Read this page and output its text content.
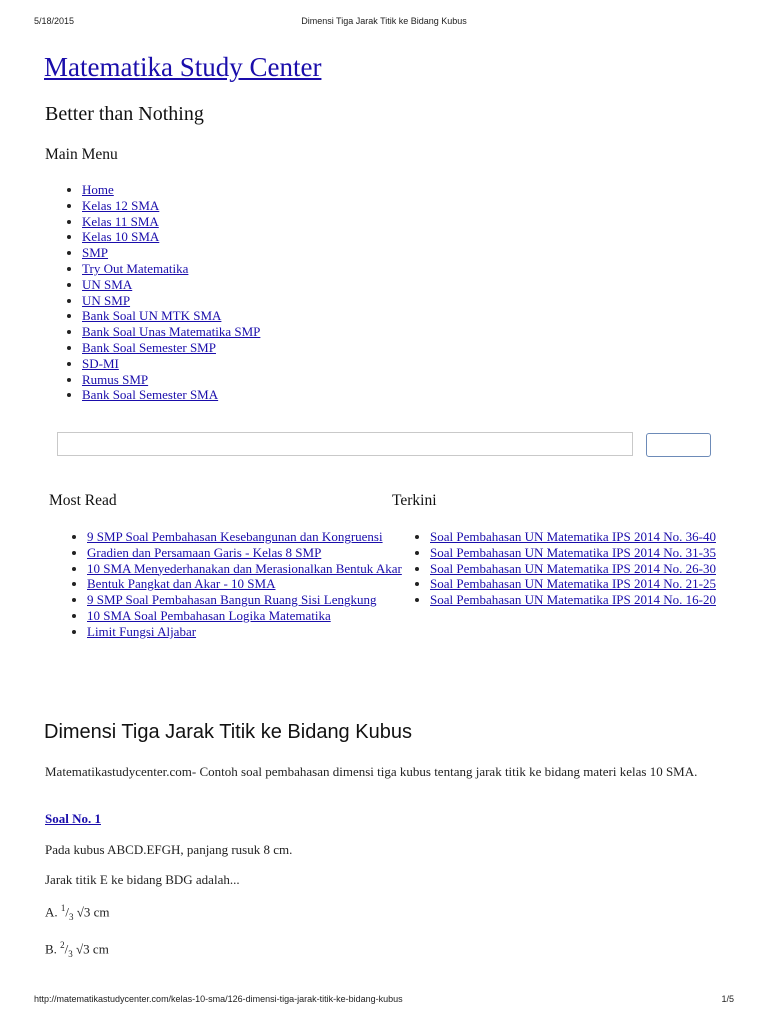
5/18/2015	Dimensi Tiga Jarak Titik ke Bidang Kubus
Matematika Study Center
Better than Nothing
Main Menu
• Home
• Kelas 12 SMA
• Kelas 11 SMA
• Kelas 10 SMA
• SMP
• Try Out Matematika
• UN SMA
• UN SMP
• Bank Soal UN MTK SMA
• Bank Soal Unas Matematika SMP
• Bank Soal Semester SMP
• SD-MI
• Rumus SMP
• Bank Soal Semester SMA
Most Read
• 9 SMP Soal Pembahasan Kesebangunan dan Kongruensi
• Gradien dan Persamaan Garis - Kelas 8 SMP
• 10 SMA Menyederhanakan dan Merasionalkan Bentuk Akar
• Bentuk Pangkat dan Akar - 10 SMA
• 9 SMP Soal Pembahasan Bangun Ruang Sisi Lengkung
• 10 SMA Soal Pembahasan Logika Matematika
• Limit Fungsi Aljabar
Terkini
• Soal Pembahasan UN Matematika IPS 2014 No. 36-40
• Soal Pembahasan UN Matematika IPS 2014 No. 31-35
• Soal Pembahasan UN Matematika IPS 2014 No. 26-30
• Soal Pembahasan UN Matematika IPS 2014 No. 21-25
• Soal Pembahasan UN Matematika IPS 2014 No. 16-20
Dimensi Tiga Jarak Titik ke Bidang Kubus

Matematikastudycenter.com- Contoh soal pembahasan dimensi tiga kubus tentang jarak titik ke bidang materi kelas 10 SMA.

Soal No. 1

Pada kubus ABCD.EFGH, panjang rusuk 8 cm.

Jarak titik E ke bidang BDG adalah...

A. $^1/_3$ √3 cm

B. $^2/_3$ √3 cm

http://matematikastudycenter.com/kelas-10-sma/126-dimensi-tiga-jarak-titik-ke-bidang-kubus	1/5
